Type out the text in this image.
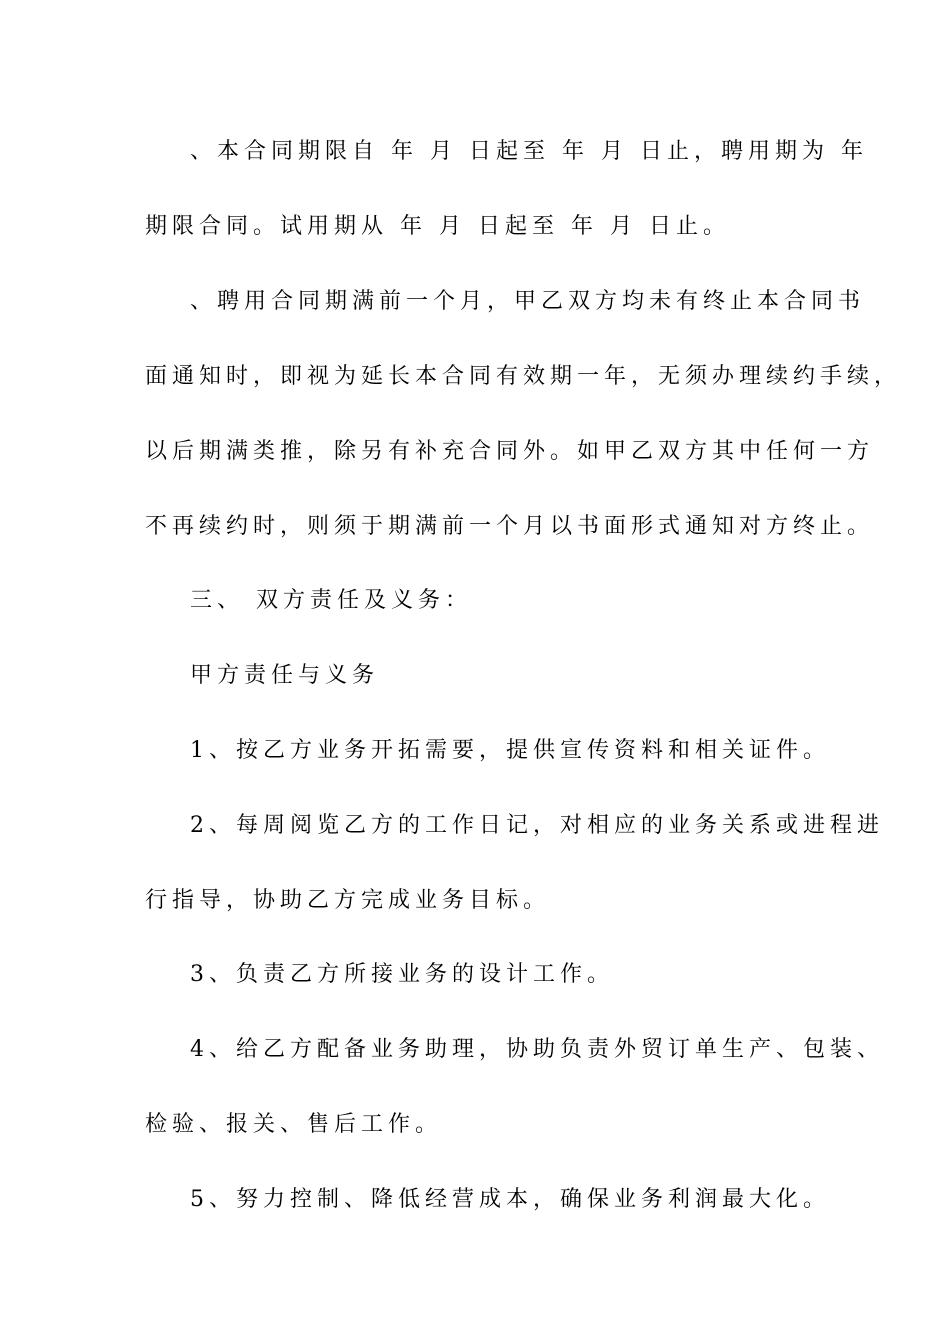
、本合同期限自 年 月 日起至 年 月 日止，聘用期为 年
期限合同。试用期从 年 月 日起至 年 月 日止。
、聘用合同期满前一个月，甲乙双方均未有终止本合同书
面通知时，即视为延长本合同有效期一年，无须办理续约手续，
以后期满类推，除另有补充合同外。如甲乙双方其中任何一方
不再续约时，则须于期满前一个月以书面形式通知对方终止。
三、 双方责任及义务：
甲方责任与义务
1、按乙方业务开拓需要，提供宣传资料和相关证件。
2、每周阅览乙方的工作日记，对相应的业务关系或进程进
行指导，协助乙方完成业务目标。
3、负责乙方所接业务的设计工作。
4、给乙方配备业务助理，协助负责外贸订单生产、包装、
检验、报关、售后工作。
5、努力控制、降低经营成本，确保业务利润最大化。
